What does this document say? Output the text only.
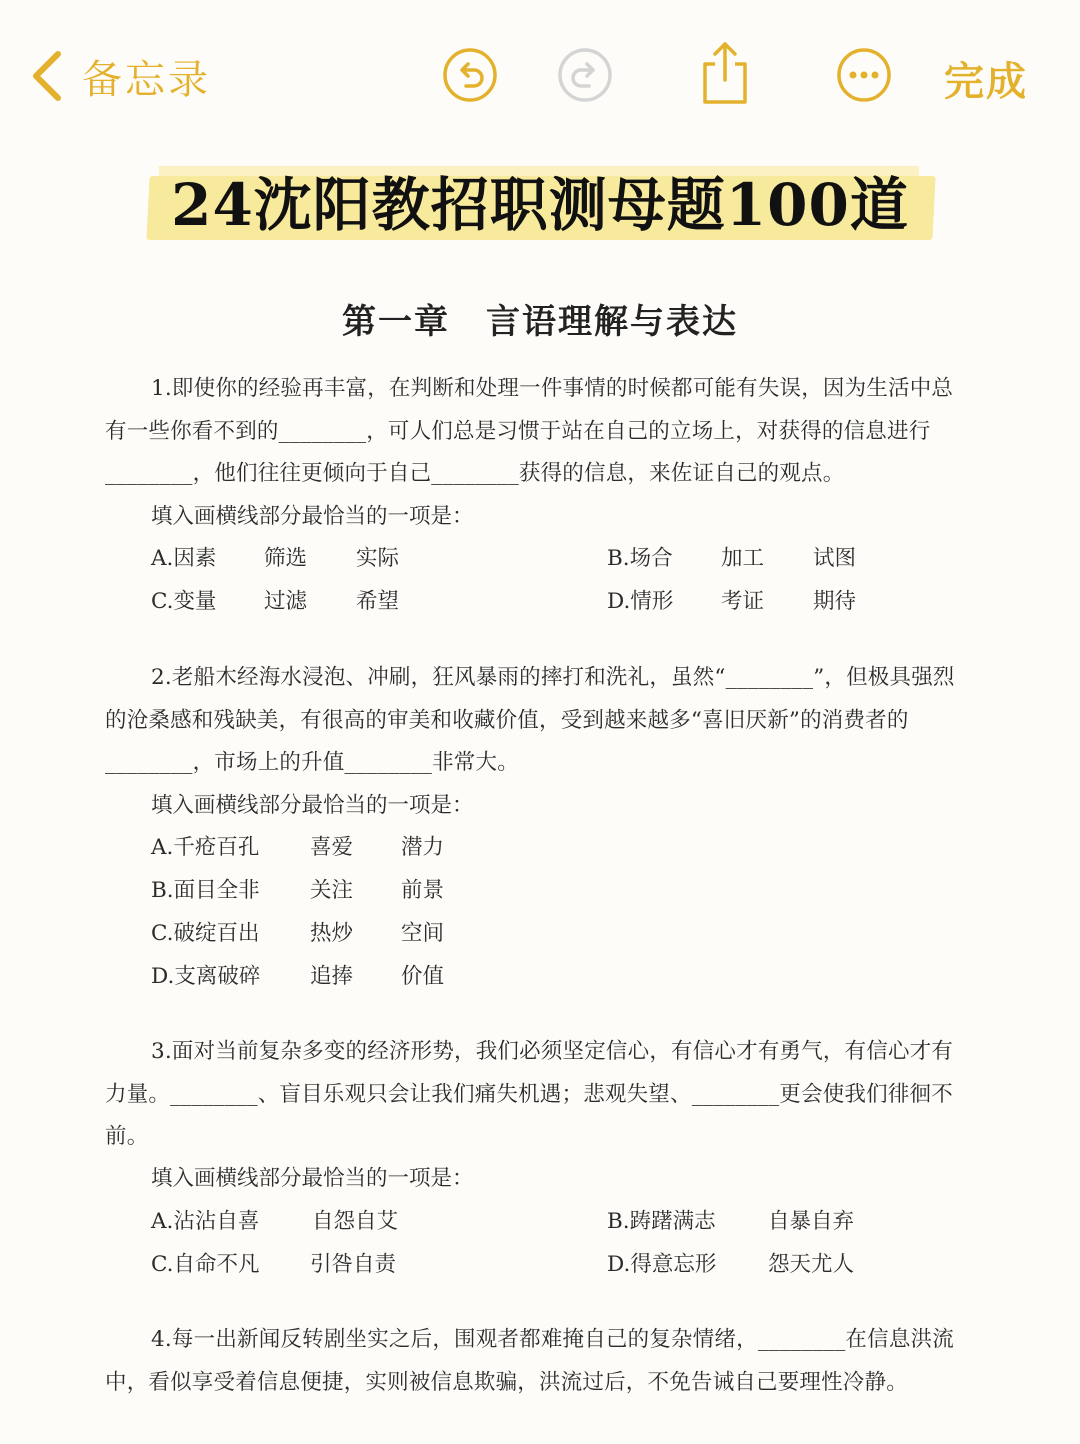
备忘录	完成
24沈阳教招职测母题100道
第一章 言语理解与表达
1.即使你的经验再丰富，在判断和处理一件事情的时候都可能有失误，因为生活中总有一些你看不到的________，可人们总是习惯于站在自己的立场上，对获得的信息进行________，他们往往更倾向于自己________获得的信息，来佐证自己的观点。
填入画横线部分最恰当的一项是：
A.因素 筛选 实际	B.场合 加工 试图
C.变量 过滤 希望	D.情形 考证 期待
2.老船木经海水浸泡、冲刷，狂风暴雨的摔打和洗礼，虽然“________”，但极具强烈的沧桑感和残缺美，有很高的审美和收藏价值，受到越来越多“喜旧厌新”的消费者的________，市场上的升值________非常大。
填入画横线部分最恰当的一项是：
A.千疮百孔 喜爱 潜力
B.面目全非 关注 前景
C.破绽百出 热炒 空间
D.支离破碎 追捧 价值
3.面对当前复杂多变的经济形势，我们必须坚定信心，有信心才有勇气，有信心才有力量。________、盲目乐观只会让我们痛失机遇；悲观失望、________更会使我们徘徊不前。
填入画横线部分最恰当的一项是：
A.沾沾自喜 自怨自艾	B.踌躇满志 自暴自弃
C.自命不凡 引咎自责	D.得意忘形 怨天尤人
4.每一出新闻反转剧坐实之后，围观者都难掩自己的复杂情绪，________在信息洪流中，看似享受着信息便捷，实则被信息欺骗，洪流过后，不免告诫自己要理性冷静。
